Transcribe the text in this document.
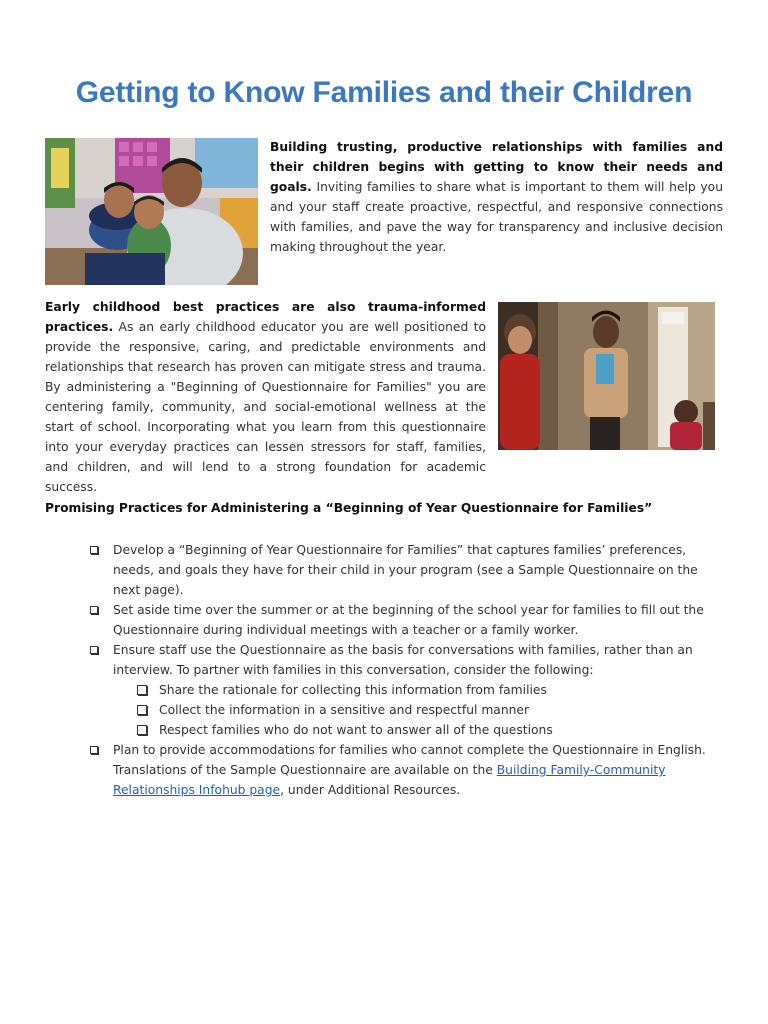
Getting to Know Families and their Children

Building trusting, productive relationships with families and their children begins with getting to know their needs and goals. Inviting families to share what is important to them will help you and your staff create proactive, respectful, and responsive connections with families, and pave the way for transparency and inclusive decision making throughout the year.

Early childhood best practices are also trauma-informed practices. As an early childhood educator you are well positioned to provide the responsive, caring, and predictable environments and relationships that research has proven can mitigate stress and trauma. By administering a "Beginning of Questionnaire for Families" you are centering family, community, and social-emotional wellness at the start of school. Incorporating what you learn from this questionnaire into your everyday practices can lessen stressors for staff, families, and children, and will lend to a strong foundation for academic success.

Promising Practices for Administering a “Beginning of Year Questionnaire for Families”

Develop a “Beginning of Year Questionnaire for Families” that captures families’ preferences, needs, and goals they have for their child in your program (see a Sample Questionnaire on the next page).
Set aside time over the summer or at the beginning of the school year for families to fill out the Questionnaire during individual meetings with a teacher or a family worker.
Ensure staff use the Questionnaire as the basis for conversations with families, rather than an interview. To partner with families in this conversation, consider the following:
Share the rationale for collecting this information from families
Collect the information in a sensitive and respectful manner
Respect families who do not want to answer all of the questions
Plan to provide accommodations for families who cannot complete the Questionnaire in English. Translations of the Sample Questionnaire are available on the Building Family-Community Relationships Infohub page, under Additional Resources.
